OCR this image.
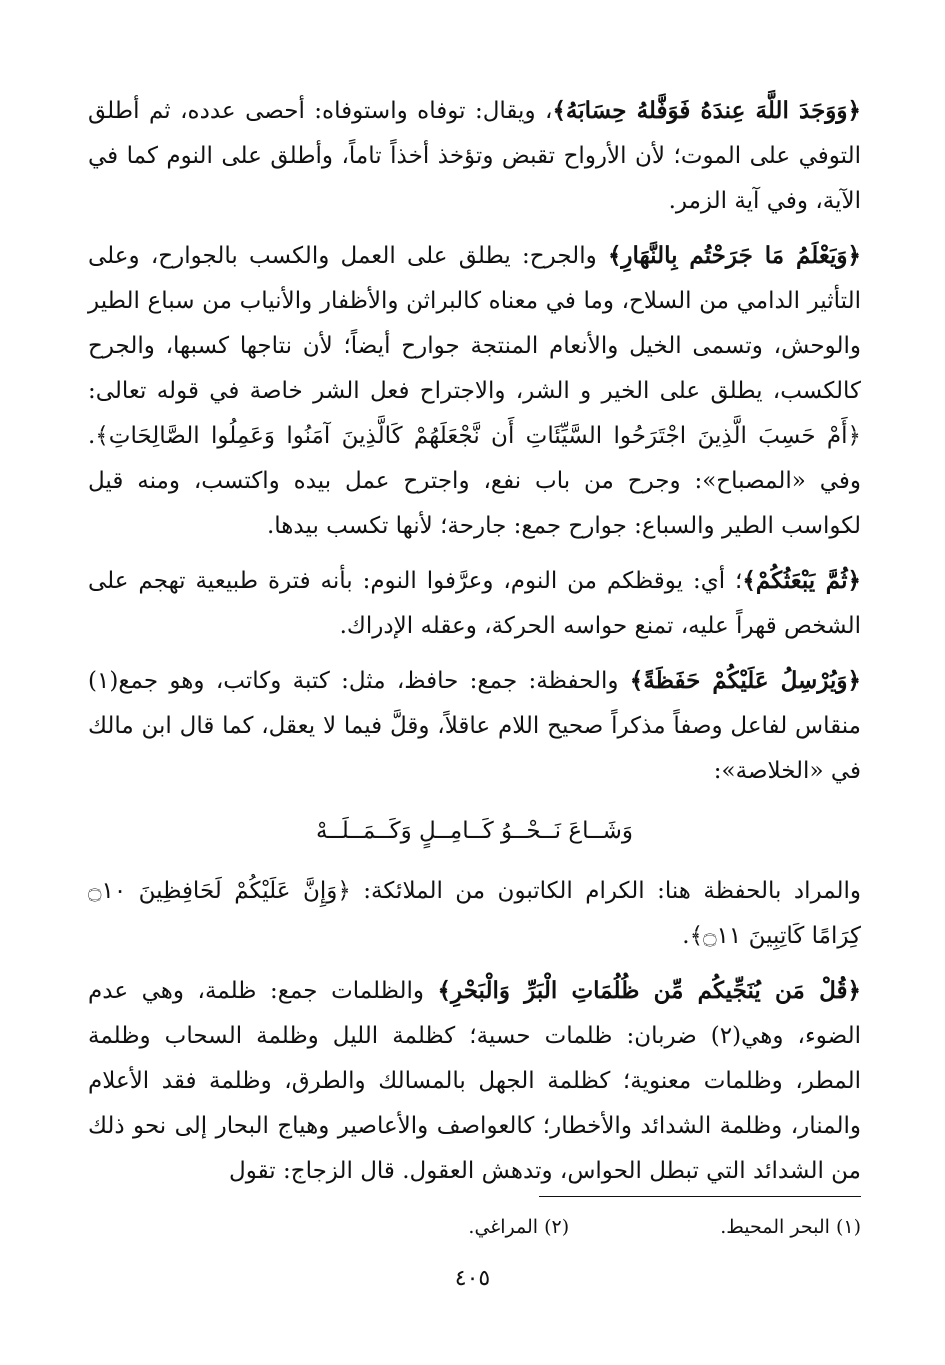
﴿وَوَجَدَ اللَّهَ عِندَهُ فَوَفَّلهُ حِسَابَهُ﴾، ويقال: توفاه واستوفاه: أحصى عدده، ثم أطلق التوفي على الموت؛ لأن الأرواح تقبض وتؤخذ أخذاً تاماً، وأطلق على النوم كما في الآية، وفي آية الزمر.

﴿وَيَعْلَمُ مَا جَرَحْتُم بِالنَّهَارِ﴾ والجرح: يطلق على العمل والكسب بالجوارح، وعلى التأثير الدامي من السلاح، وما في معناه كالبراثن والأظفار والأنياب من سباع الطير والوحش، وتسمى الخيل والأنعام المنتجة جوارح أيضاً؛ لأن نتاجها كسبها، والجرح كالكسب، يطلق على الخير و الشر، والاجتراح فعل الشر خاصة في قوله تعالى: ﴿أَمْ حَسِبَ الَّذِينَ اجْتَرَحُوا السَّيِّئَاتِ أَن نَّجْعَلَهُمْ كَالَّذِينَ آمَنُوا وَعَمِلُوا الصَّالِحَاتِ﴾. وفي «المصباح»: وجرح من باب نفع، واجترح عمل بيده واكتسب، ومنه قيل لكواسب الطير والسباع: جوارح جمع: جارحة؛ لأنها تكسب بيدها.

﴿ثُمَّ يَبْعَثُكُمْ﴾؛ أي: يوقظكم من النوم، وعرَّفوا النوم: بأنه فترة طبيعية تهجم على الشخص قهراً عليه، تمنع حواسه الحركة، وعقله الإدراك.

﴿وَيُرْسِلُ عَلَيْكُمْ حَفَظَةً﴾ والحفظة: جمع: حافظ، مثل: كتبة وكاتب، وهو جمع(١) منقاس لفاعل وصفاً مذكراً صحيح اللام عاقلاً، وقلَّ فيما لا يعقل، كما قال ابن مالك في «الخلاصة»:

وَشَــاعَ نَــحْــوُ كَــامِــلٍ وَكَــمَــلَــهْ

والمراد بالحفظة هنا: الكرام الكاتبون من الملائكة: ﴿وَإِنَّ عَلَيْكُمْ لَحَافِظِينَ ۝١٠ كِرَامًا كَاتِبِينَ ۝١١﴾.

﴿قُلْ مَن يُنَجِّيكُم مِّن ظُلُمَاتِ الْبَرِّ وَالْبَحْرِ﴾ والظلمات جمع: ظلمة، وهي عدم الضوء، وهي(٢) ضربان: ظلمات حسية؛ كظلمة الليل وظلمة السحاب وظلمة المطر، وظلمات معنوية؛ كظلمة الجهل بالمسالك والطرق، وظلمة فقد الأعلام والمنار، وظلمة الشدائد والأخطار؛ كالعواصف والأعاصير وهياج البحار إلى نحو ذلك من الشدائد التي تبطل الحواس، وتدهش العقول. قال الزجاج: تقول

(١) البحر المحيط. (٢) المراغي.
٤٠٥
